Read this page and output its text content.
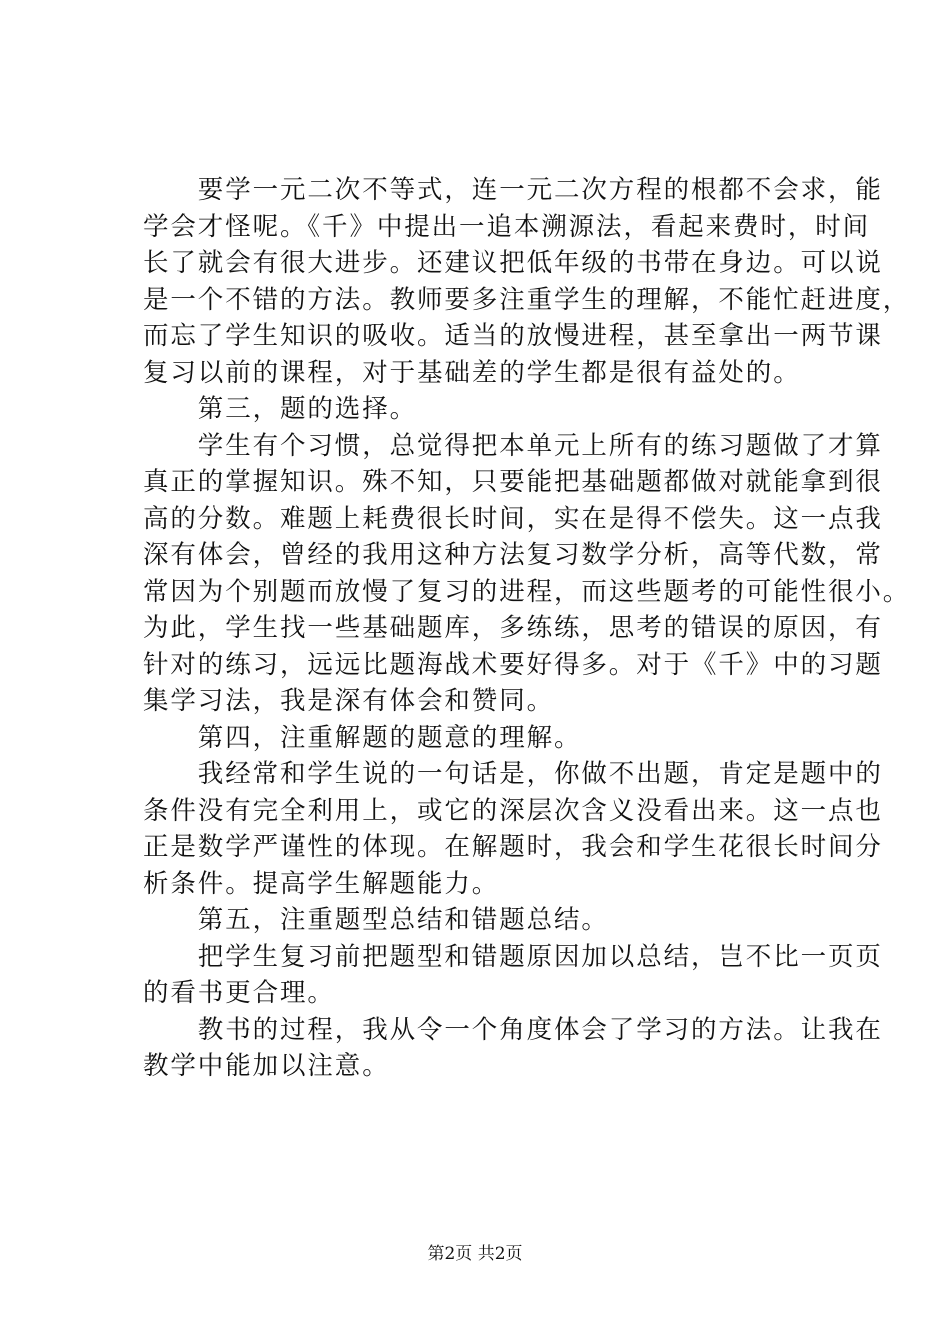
　　要学一元二次不等式，连一元二次方程的根都不会求，能
学会才怪呢。《千》中提出一追本溯源法，看起来费时，时间
长了就会有很大进步。还建议把低年级的书带在身边。可以说
是一个不错的方法。教师要多注重学生的理解，不能忙赶进度，
而忘了学生知识的吸收。适当的放慢进程，甚至拿出一两节课
复习以前的课程，对于基础差的学生都是很有益处的。
　　第三，题的选择。
　　学生有个习惯，总觉得把本单元上所有的练习题做了才算
真正的掌握知识。殊不知，只要能把基础题都做对就能拿到很
高的分数。难题上耗费很长时间，实在是得不偿失。这一点我
深有体会，曾经的我用这种方法复习数学分析，高等代数，常
常因为个别题而放慢了复习的进程，而这些题考的可能性很小。
为此，学生找一些基础题库，多练练，思考的错误的原因，有
针对的练习，远远比题海战术要好得多。对于《千》中的习题
集学习法，我是深有体会和赞同。
　　第四，注重解题的题意的理解。
　　我经常和学生说的一句话是，你做不出题，肯定是题中的
条件没有完全利用上，或它的深层次含义没看出来。这一点也
正是数学严谨性的体现。在解题时，我会和学生花很长时间分
析条件。提高学生解题能力。
　　第五，注重题型总结和错题总结。
　　把学生复习前把题型和错题原因加以总结，岂不比一页页
的看书更合理。
　　教书的过程，我从令一个角度体会了学习的方法。让我在
教学中能加以注意。
第2页 共2页
